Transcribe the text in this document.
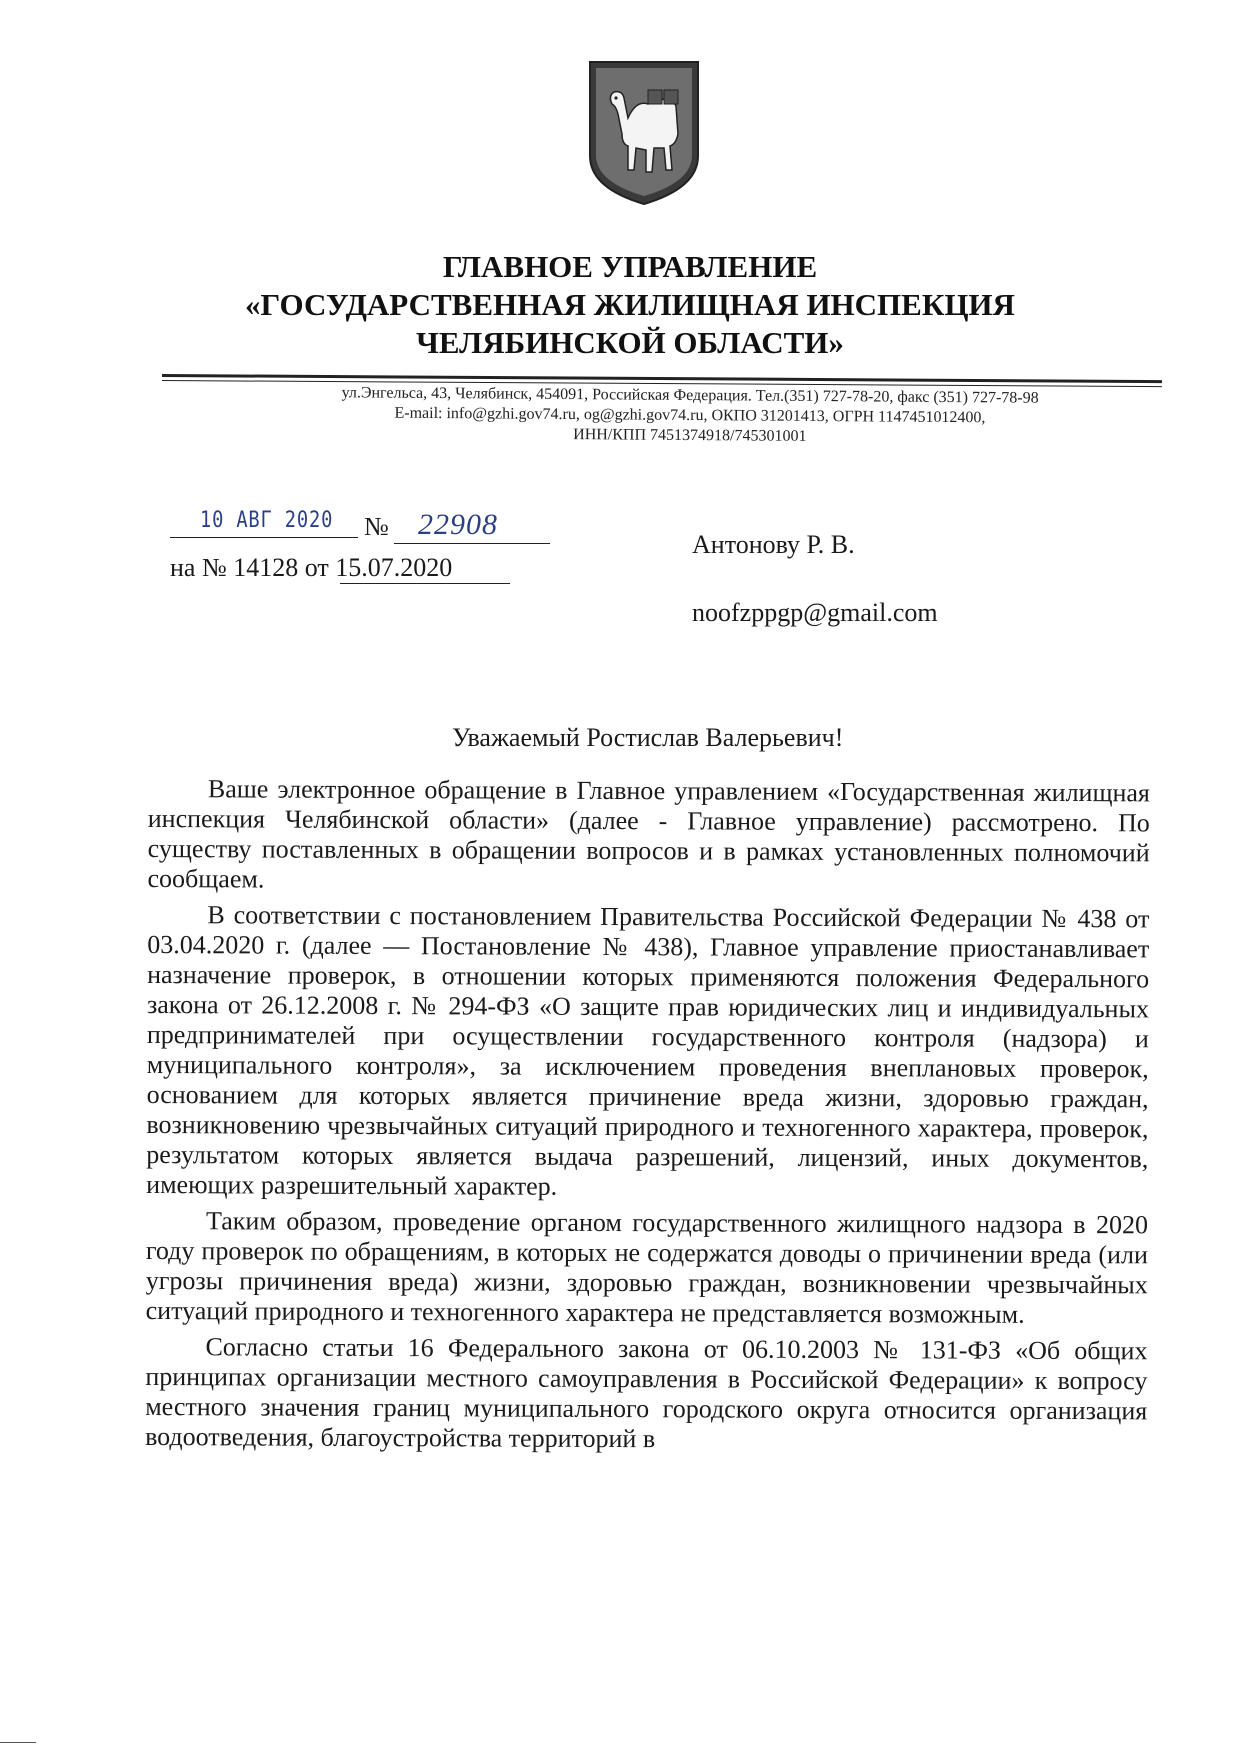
ГЛАВНОЕ УПРАВЛЕНИЕ
«ГОСУДАРСТВЕННАЯ ЖИЛИЩНАЯ ИНСПЕКЦИЯ
ЧЕЛЯБИНСКОЙ ОБЛАСТИ»
ул.Энгельса, 43, Челябинск, 454091, Российская Федерация. Тел.(351) 727-78-20, факс (351) 727-78-98
E-mail: info@gzhi.gov74.ru, og@gzhi.gov74.ru, ОКПО 31201413, ОГРН 1147451012400,
ИНН/КПП 7451374918/745301001
10 АВГ 2020 № 22908
на № 14128 от 15.07.2020
Антонову Р. В.
noofzppgp@gmail.com
Уважаемый Ростислав Валерьевич!

Ваше электронное обращение в Главное управлением «Государственная жилищная инспекция Челябинской области» (далее - Главное управление) рассмотрено. По существу поставленных в обращении вопросов и в рамках установленных полномочий сообщаем.

В соответствии с постановлением Правительства Российской Федерации № 438 от 03.04.2020 г. (далее — Постановление № 438), Главное управление приостанавливает назначение проверок, в отношении которых применяются положения Федерального закона от 26.12.2008 г. № 294-ФЗ «О защите прав юридических лиц и индивидуальных предпринимателей при осуществлении государственного контроля (надзора) и муниципального контроля», за исключением проведения внеплановых проверок, основанием для которых является причинение вреда жизни, здоровью граждан, возникновению чрезвычайных ситуаций природного и техногенного характера, проверок, результатом которых является выдача разрешений, лицензий, иных документов, имеющих разрешительный характер.

Таким образом, проведение органом государственного жилищного надзора в 2020 году проверок по обращениям, в которых не содержатся доводы о причинении вреда (или угрозы причинения вреда) жизни, здоровью граждан, возникновении чрезвычайных ситуаций природного и техногенного характера не представляется возможным.

Согласно статьи 16 Федерального закона от 06.10.2003 № 131-ФЗ «Об общих принципах организации местного самоуправления в Российской Федерации» к вопросу местного значения границ муниципального городского округа относится организация водоотведения, благоустройства территорий в
